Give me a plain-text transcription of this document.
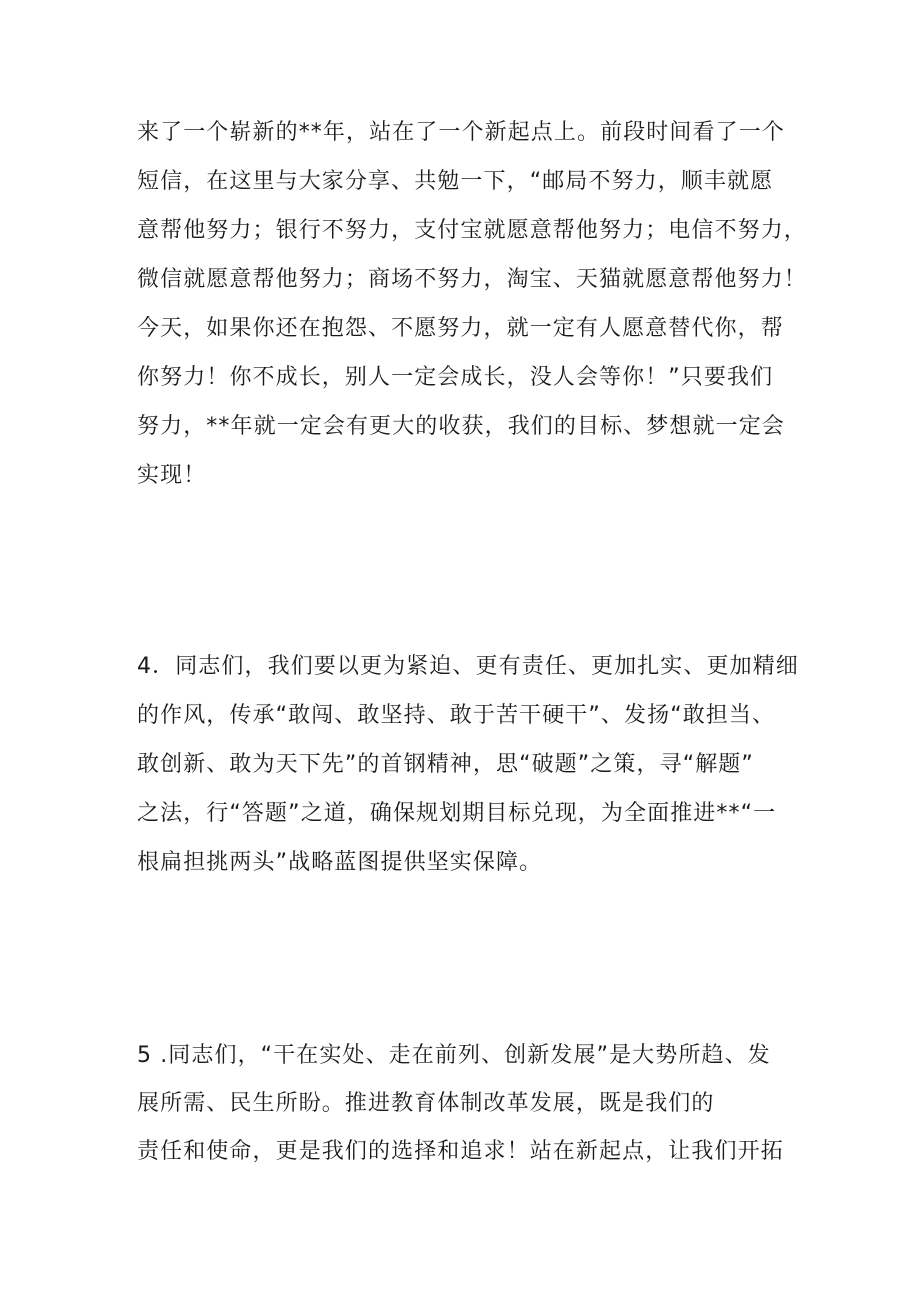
来了一个崭新的**年，站在了一个新起点上。前段时间看了一个
短信，在这里与大家分享、共勉一下，“邮局不努力，顺丰就愿
意帮他努力；银行不努力，支付宝就愿意帮他努力；电信不努力，
微信就愿意帮他努力；商场不努力，淘宝、天猫就愿意帮他努力！
今天，如果你还在抱怨、不愿努力，就一定有人愿意替代你，帮
你努力！你不成长，别人一定会成长，没人会等你！”只要我们
努力，**年就一定会有更大的收获，我们的目标、梦想就一定会
实现！
4．同志们，我们要以更为紧迫、更有责任、更加扎实、更加精细
的作风，传承“敢闯、敢坚持、敢于苦干硬干”、发扬“敢担当、
敢创新、敢为天下先”的首钢精神，思“破题”之策，寻“解题”
之法，行“答题”之道，确保规划期目标兑现，为全面推进**“一
根扁担挑两头”战略蓝图提供坚实保障。
5 .同志们，“干在实处、走在前列、创新发展”是大势所趋、发
展所需、民生所盼。推进教育体制改革发展，既是我们的
责任和使命，更是我们的选择和追求！站在新起点，让我们开拓
